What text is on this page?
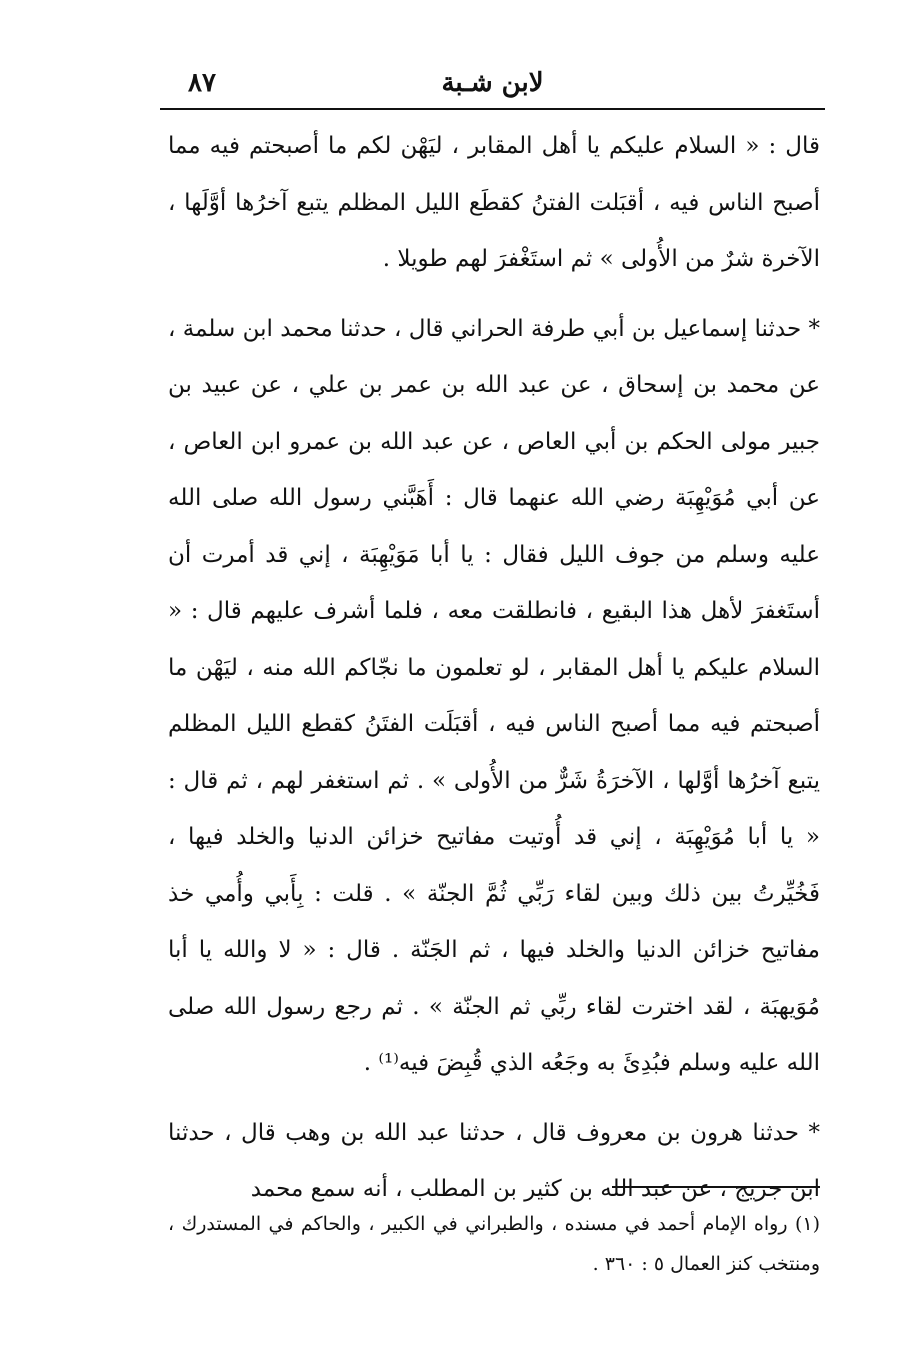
٨٧	لابن شـبة

قال : « السلام عليكم يا أهل المقابر ، ليَهْن لكم ما أصبحتم فيه مما أصبح الناس فيه ، أقبَلت الفتنُ كقطَع الليل المظلم يتبع آخرُها أوَّلَها ، الآخرة شرٌ من الأُولى » ثم استَغْفرَ لهم طويلا .

* حدثنا إسماعيل بن أبي طرفة الحراني قال ، حدثنا محمد ابن سلمة ، عن محمد بن إسحاق ، عن عبد الله بن عمر بن علي ، عن عبيد بن جبير مولى الحكم بن أبي العاص ، عن عبد الله بن عمرو ابن العاص ، عن أبي مُوَيْهِبَة رضي الله عنهما قال : أَهَبَّني رسول الله صلى الله عليه وسلم من جوف الليل فقال : يا أبا مَوَيْهِبَة ، إني قد أمرت أن أستَغفرَ لأهل هذا البقيع ، فانطلقت معه ، فلما أشرف عليهم قال : « السلام عليكم يا أهل المقابر ، لو تعلمون ما نجّاكم الله منه ، ليَهْن ما أصبحتم فيه مما أصبح الناس فيه ، أقبَلَت الفتَنُ كقطع الليل المظلم يتبع آخرُها أوَّلها ، الآخرَةُ شَرٌّ من الأُولى » . ثم استغفر لهم ، ثم قال : « يا أبا مُوَيْهِبَة ، إني قد أُوتيت مفاتيح خزائن الدنيا والخلد فيها ، فَخُيِّرتُ بين ذلك وبين لقاء رَبِّي ثُمَّ الجنّة » . قلت : بِأَبي وأُمي خذ مفاتيح خزائن الدنيا والخلد فيها ، ثم الجَنّة . قال : « لا والله يا أبا مُوَيهبَة ، لقد اخترت لقاء ربِّي ثم الجنّة » . ثم رجع رسول الله صلى الله عليه وسلم فبُدِئَ به وجَعُه الذي قُبِضَ فيه⁽¹⁾ .

* حدثنا هرون بن معروف قال ، حدثنا عبد الله بن وهب قال ، حدثنا ابن جريج ، عن عبد الله بن كثير بن المطلب ، أنه سمع محمد

(١) رواه الإمام أحمد في مسنده ، والطبراني في الكبير ، والحاكم في المستدرك ، ومنتخب كنز العمال ٥ : ٣٦٠ .
